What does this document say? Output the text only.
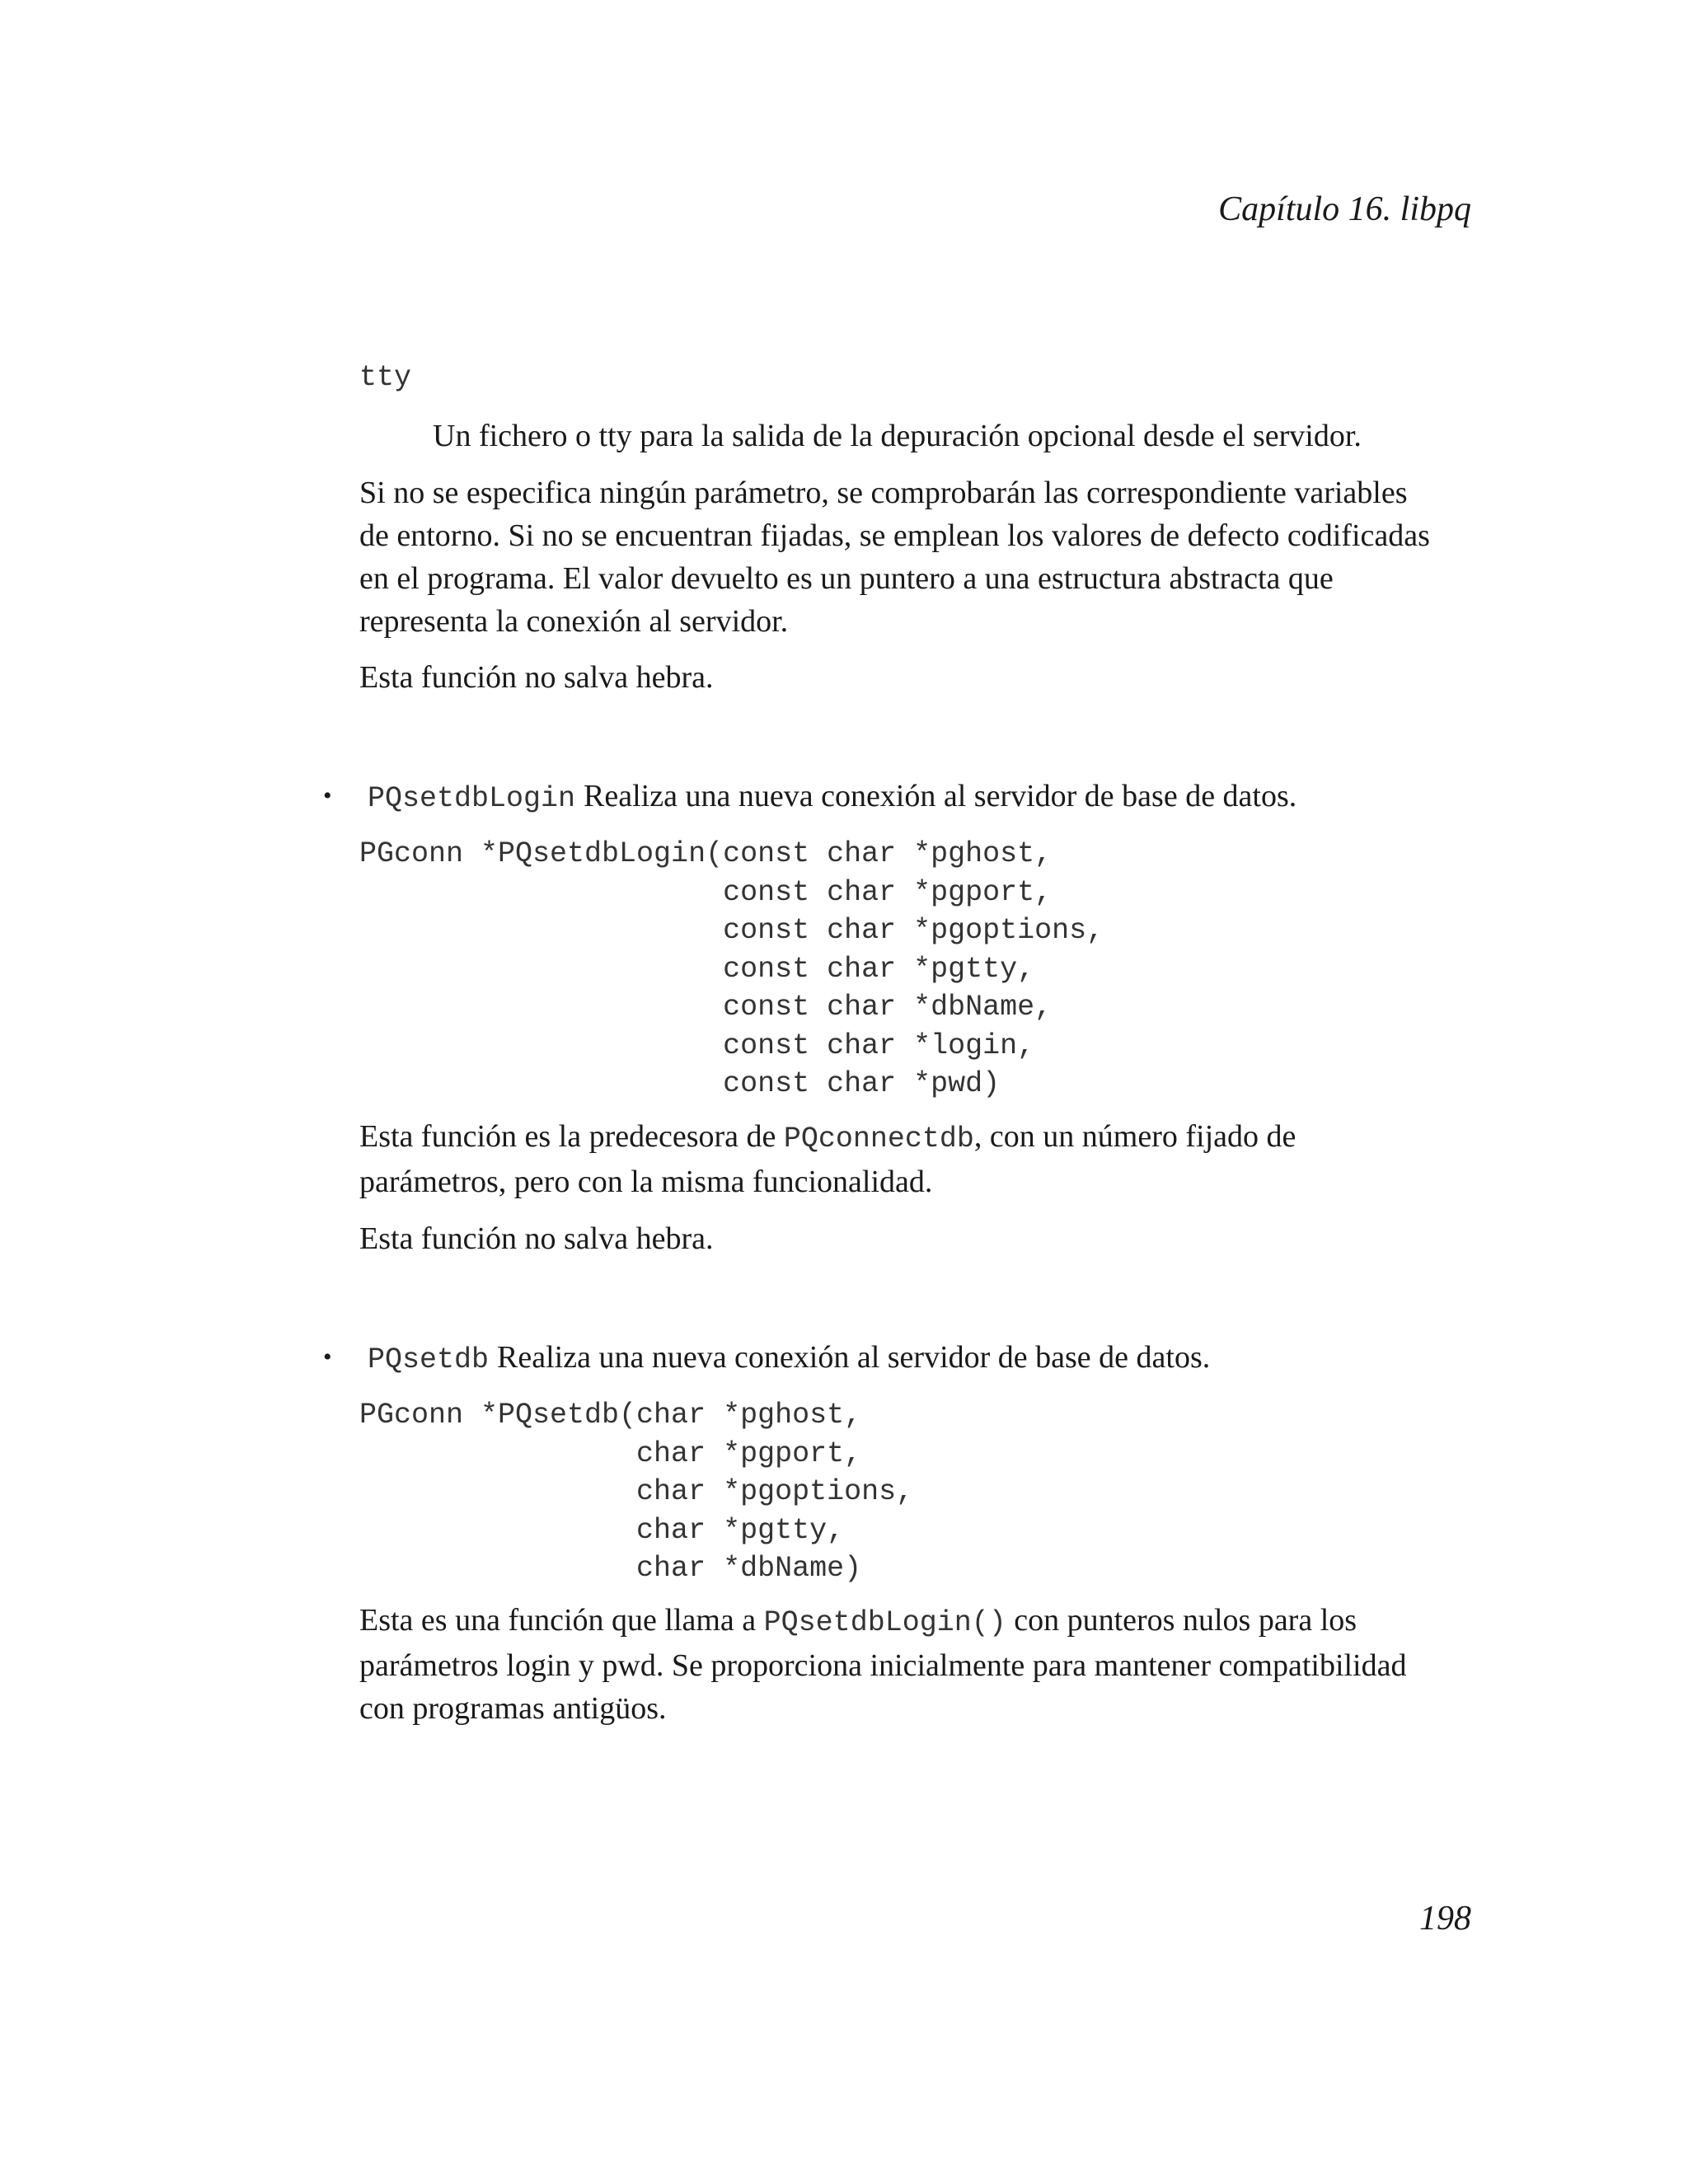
Capítulo 16. libpq
tty
Un fichero o tty para la salida de la depuración opcional desde el servidor.
Si no se especifica ningún parámetro, se comprobarán las correspondiente variables
de entorno. Si no se encuentran fijadas, se emplean los valores de defecto codificadas
en el programa. El valor devuelto es un puntero a una estructura abstracta que
representa la conexión al servidor.
Esta función no salva hebra.
• PQsetdbLogin Realiza una nueva conexión al servidor de base de datos.
PGconn *PQsetdbLogin(const char *pghost,
const char *pgport,
const char *pgoptions,
const char *pgtty,
const char *dbName,
const char *login,
const char *pwd)
Esta función es la predecesora de PQconnectdb, con un número fijado de
parámetros, pero con la misma funcionalidad.
Esta función no salva hebra.
• PQsetdb Realiza una nueva conexión al servidor de base de datos.
PGconn *PQsetdb(char *pghost,
char *pgport,
char *pgoptions,
char *pgtty,
char *dbName)
Esta es una función que llama a PQsetdbLogin() con punteros nulos para los
parámetros login y pwd. Se proporciona inicialmente para mantener compatibilidad
con programas antigüos.
198
